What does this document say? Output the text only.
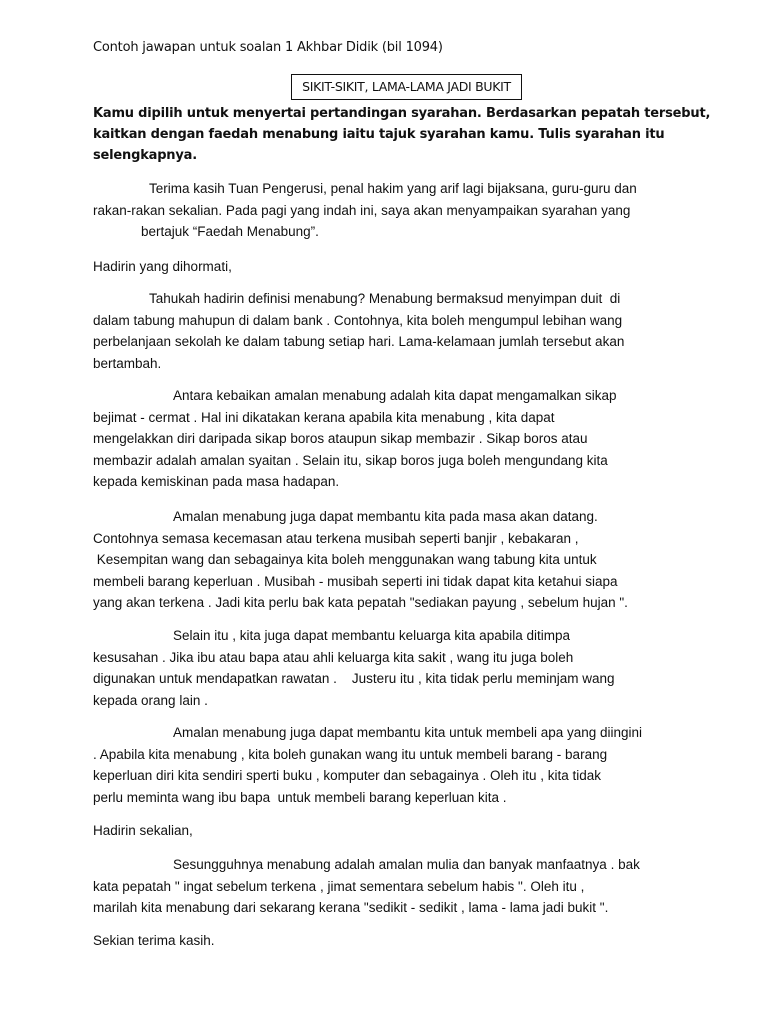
Contoh jawapan untuk soalan 1 Akhbar Didik (bil 1094)
SIKIT-SIKIT, LAMA-LAMA JADI BUKIT
Kamu dipilih untuk menyertai pertandingan syarahan. Berdasarkan pepatah tersebut,
kaitkan dengan faedah menabung iaitu tajuk syarahan kamu. Tulis syarahan itu
selengkapnya.
Terima kasih Tuan Pengerusi, penal hakim yang arif lagi bijaksana, guru-guru dan
rakan-rakan sekalian. Pada pagi yang indah ini, saya akan menyampaikan syarahan yang
bertajuk “Faedah Menabung”.
Hadirin yang dihormati,
Tahukah hadirin definisi menabung? Menabung bermaksud menyimpan duit  di
dalam tabung mahupun di dalam bank . Contohnya, kita boleh mengumpul lebihan wang
perbelanjaan sekolah ke dalam tabung setiap hari. Lama-kelamaan jumlah tersebut akan
bertambah.
Antara kebaikan amalan menabung adalah kita dapat mengamalkan sikap
bejimat - cermat . Hal ini dikatakan kerana apabila kita menabung , kita dapat
mengelakkan diri daripada sikap boros ataupun sikap membazir . Sikap boros atau
membazir adalah amalan syaitan . Selain itu, sikap boros juga boleh mengundang kita
kepada kemiskinan pada masa hadapan.
Amalan menabung juga dapat membantu kita pada masa akan datang.
Contohnya semasa kecemasan atau terkena musibah seperti banjir , kebakaran ,
Kesempitan wang dan sebagainya kita boleh menggunakan wang tabung kita untuk
membeli barang keperluan . Musibah - musibah seperti ini tidak dapat kita ketahui siapa
yang akan terkena . Jadi kita perlu bak kata pepatah "sediakan payung , sebelum hujan ".
Selain itu , kita juga dapat membantu keluarga kita apabila ditimpa
kesusahan . Jika ibu atau bapa atau ahli keluarga kita sakit , wang itu juga boleh
digunakan untuk mendapatkan rawatan .    Justeru itu , kita tidak perlu meminjam wang
kepada orang lain .
Amalan menabung juga dapat membantu kita untuk membeli apa yang diingini
. Apabila kita menabung , kita boleh gunakan wang itu untuk membeli barang - barang
keperluan diri kita sendiri sperti buku , komputer dan sebagainya . Oleh itu , kita tidak
perlu meminta wang ibu bapa  untuk membeli barang keperluan kita .
Hadirin sekalian,
Sesungguhnya menabung adalah amalan mulia dan banyak manfaatnya . bak
kata pepatah " ingat sebelum terkena , jimat sementara sebelum habis ". Oleh itu ,
marilah kita menabung dari sekarang kerana "sedikit - sedikit , lama - lama jadi bukit ".
Sekian terima kasih.
